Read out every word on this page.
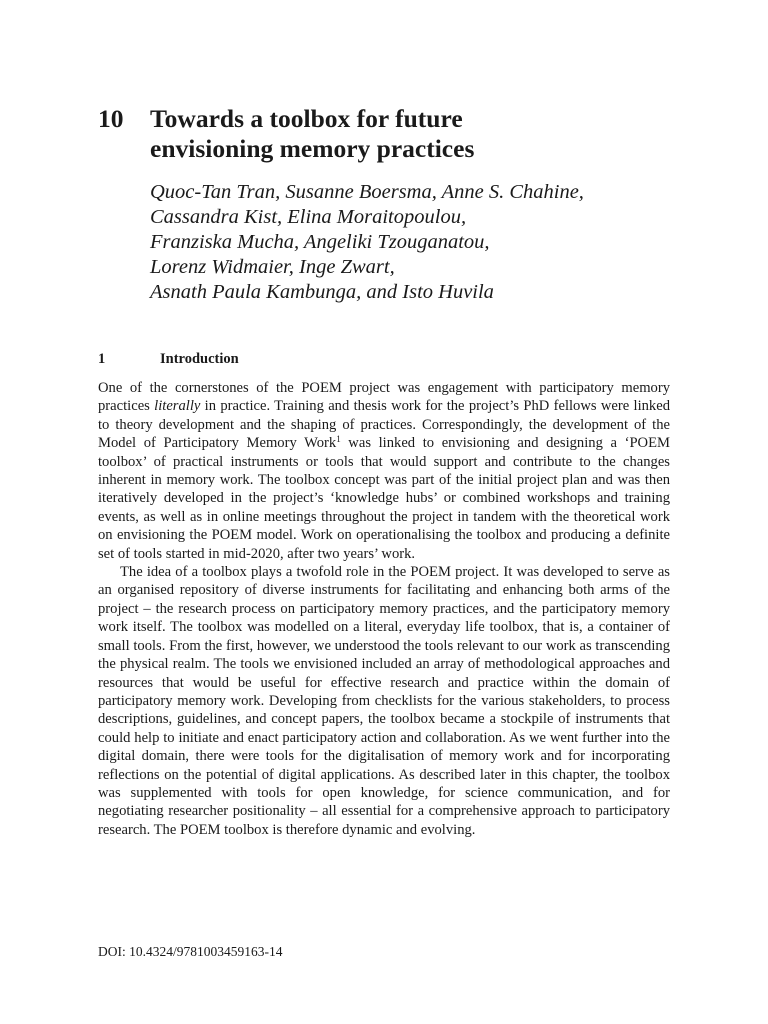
10	Towards a toolbox for future
envisioning memory practices
Quoc-Tan Tran, Susanne Boersma, Anne S. Chahine,
Cassandra Kist, Elina Moraitopoulou,
Franziska Mucha, Angeliki Tzouganatou,
Lorenz Widmaier, Inge Zwart,
Asnath Paula Kambunga, and Isto Huvila
1	Introduction

One of the cornerstones of the POEM project was engagement with participatory memory practices literally in practice. Training and thesis work for the project’s PhD fellows were linked to theory development and the shaping of practices. Correspondingly, the development of the Model of Participatory Memory Work$^1$ was linked to envisioning and designing a ‘POEM toolbox’ of practical instruments or tools that would support and contribute to the changes inherent in memory work. The toolbox concept was part of the initial project plan and was then iteratively developed in the project’s ‘knowledge hubs’ or combined workshops and training events, as well as in online meetings throughout the project in tandem with the theoretical work on envisioning the POEM model. Work on operationalising the toolbox and producing a definite set of tools started in mid-2020, after two years’ work.

The idea of a toolbox plays a twofold role in the POEM project. It was developed to serve as an organised repository of diverse instruments for facilitating and enhancing both arms of the project – the research process on participatory memory practices, and the participatory memory work itself. The toolbox was modelled on a literal, everyday life toolbox, that is, a container of small tools. From the first, however, we understood the tools relevant to our work as transcending the physical realm. The tools we envisioned included an array of methodological approaches and resources that would be useful for effective research and practice within the domain of participatory memory work. Developing from checklists for the various stakeholders, to process descriptions, guidelines, and concept papers, the toolbox became a stockpile of instruments that could help to initiate and enact participatory action and collaboration. As we went further into the digital domain, there were tools for the digitalisation of memory work and for incorporating reflections on the potential of digital applications. As described later in this chapter, the toolbox was supplemented with tools for open knowledge, for science communication, and for negotiating researcher positionality – all essential for a comprehensive approach to participatory research. The POEM toolbox is therefore dynamic and evolving.

DOI: 10.4324/9781003459163-14
